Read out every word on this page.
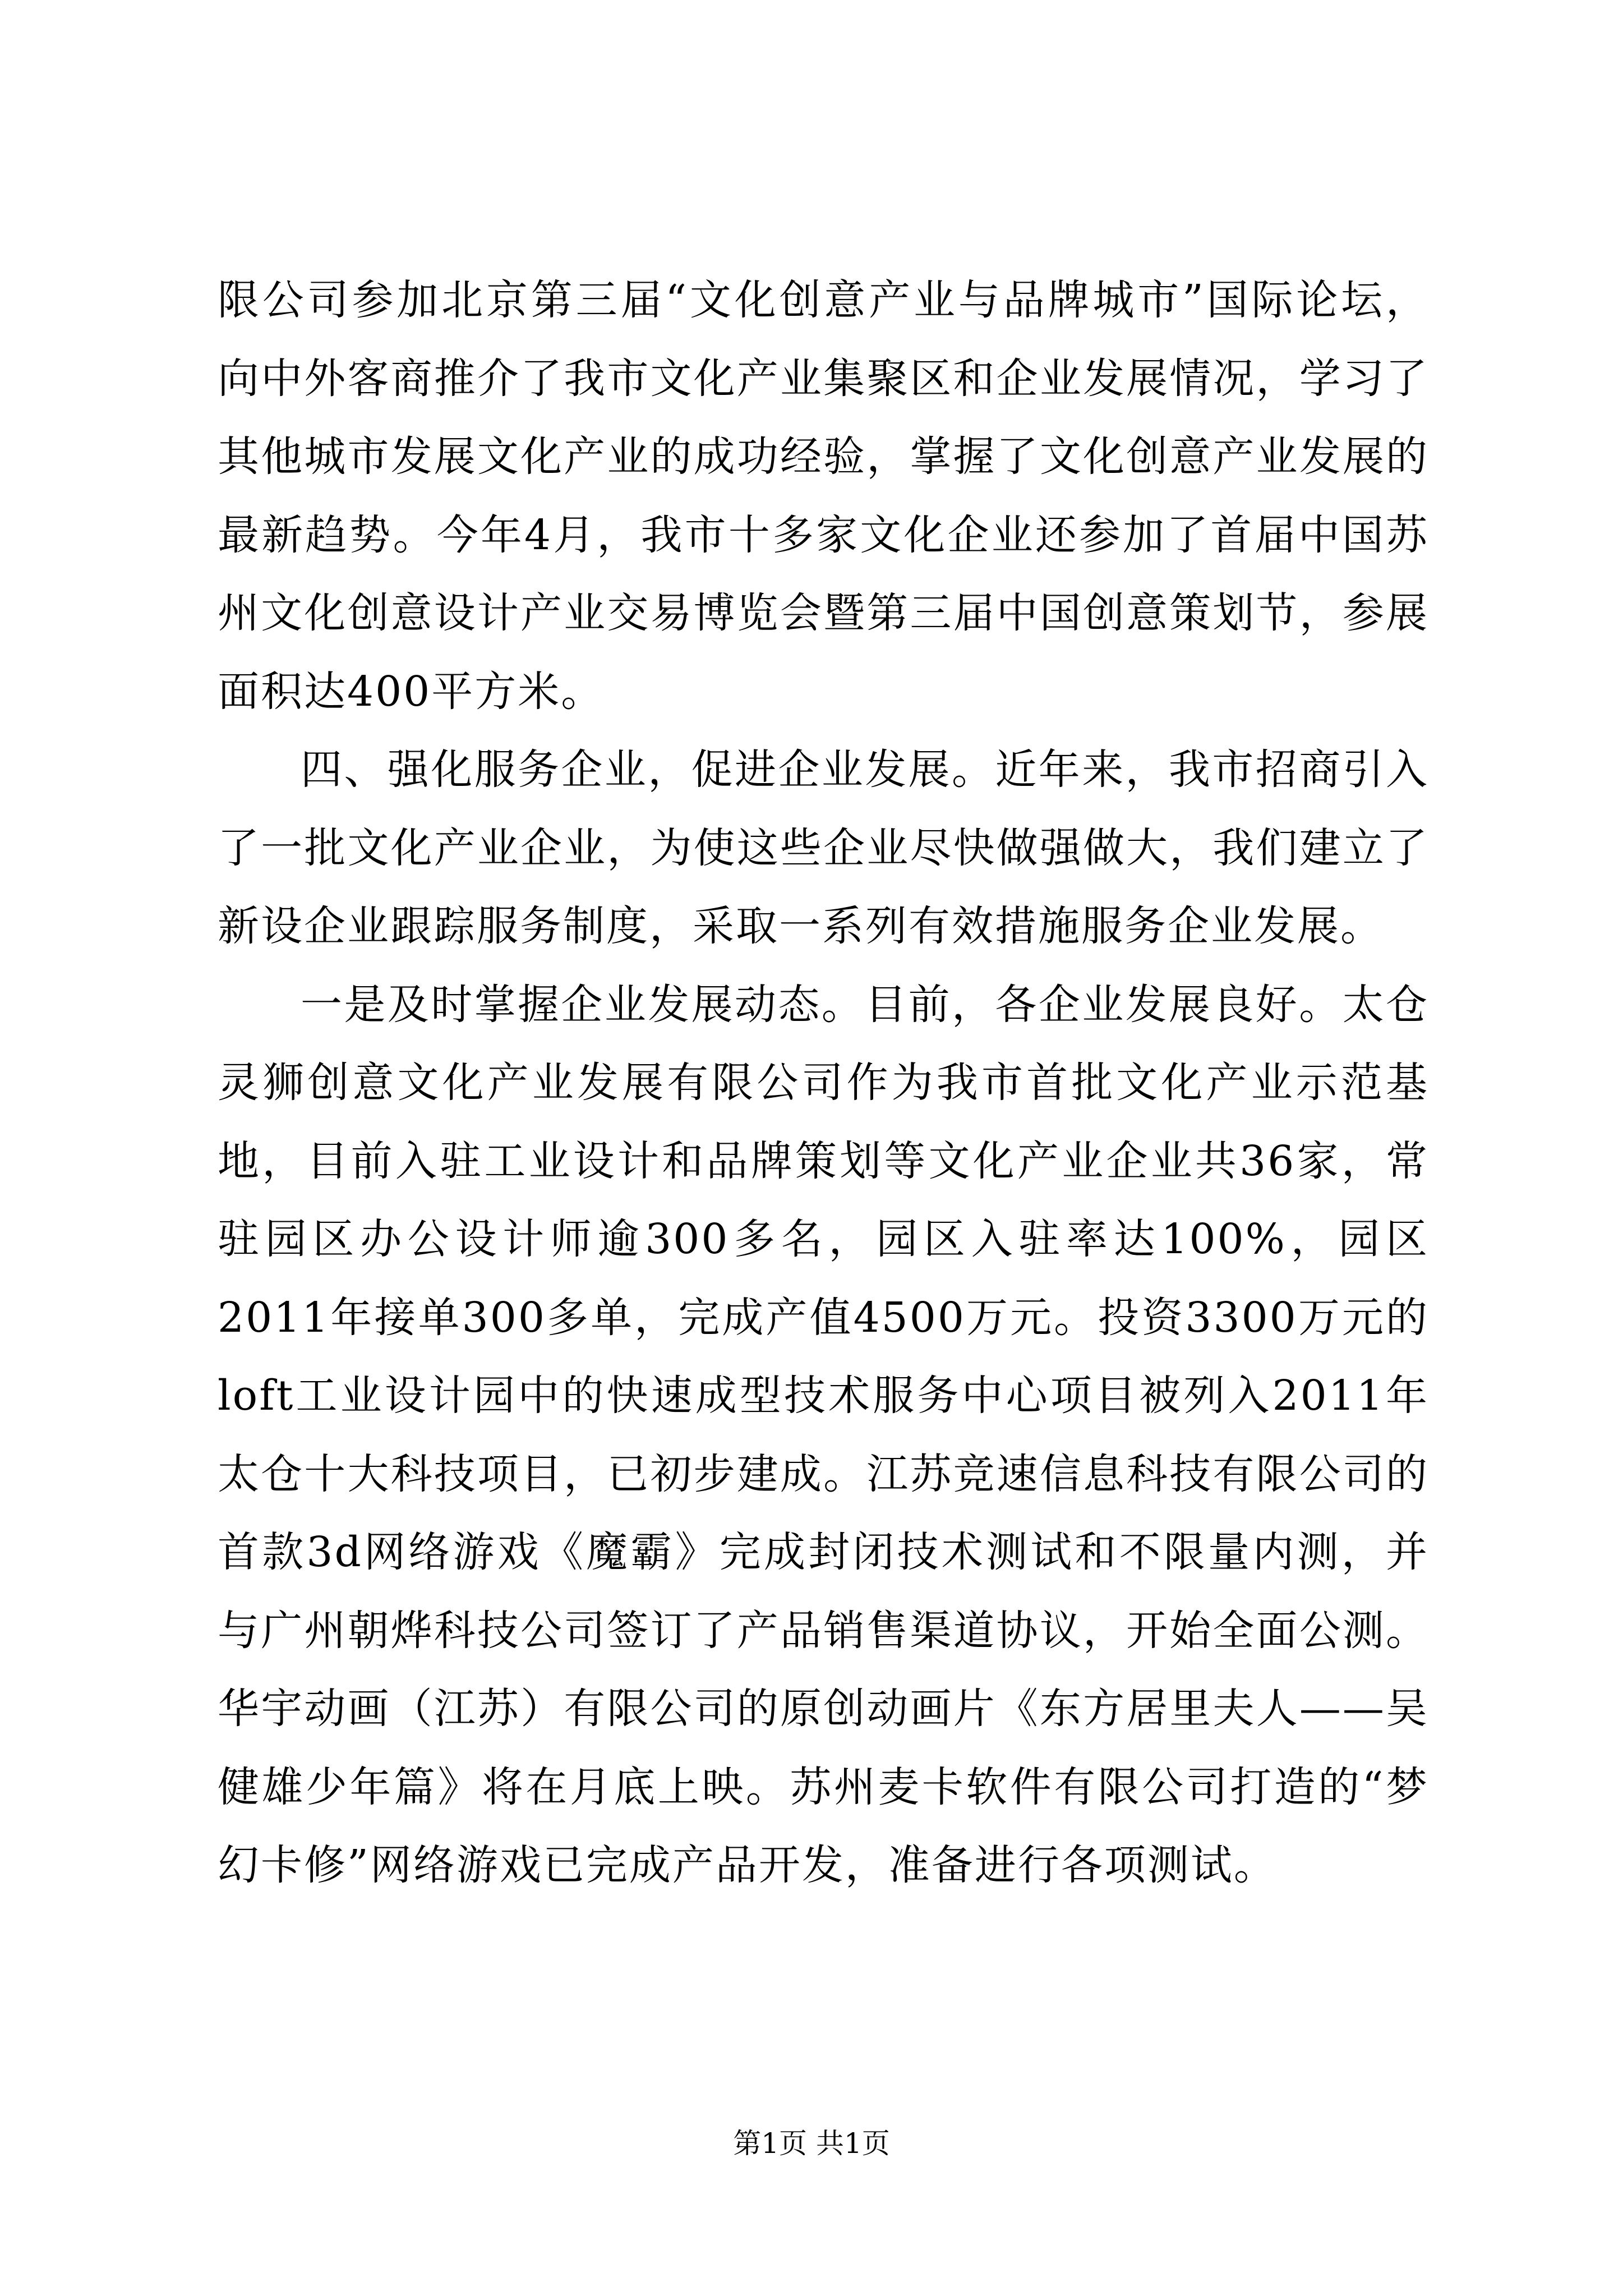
限公司参加北京第三届“文化创意产业与品牌城市”国际论坛，向中外客商推介了我市文化产业集聚区和企业发展情况，学习了其他城市发展文化产业的成功经验，掌握了文化创意产业发展的最新趋势。今年4月，我市十多家文化企业还参加了首届中国苏州文化创意设计产业交易博览会暨第三届中国创意策划节，参展面积达400平方米。

四、强化服务企业，促进企业发展。近年来，我市招商引入了一批文化产业企业，为使这些企业尽快做强做大，我们建立了新设企业跟踪服务制度，采取一系列有效措施服务企业发展。

一是及时掌握企业发展动态。目前，各企业发展良好。太仓灵狮创意文化产业发展有限公司作为我市首批文化产业示范基地，目前入驻工业设计和品牌策划等文化产业企业共36家，常驻园区办公设计师逾300多名，园区入驻率达100%，园区2011年接单300多单，完成产值4500万元。投资3300万元的loft工业设计园中的快速成型技术服务中心项目被列入2011年太仓十大科技项目，已初步建成。江苏竞速信息科技有限公司的首款3d网络游戏《魔霸》完成封闭技术测试和不限量内测，并与广州朝烨科技公司签订了产品销售渠道协议，开始全面公测。华宇动画（江苏）有限公司的原创动画片《东方居里夫人——吴健雄少年篇》将在月底上映。苏州麦卡软件有限公司打造的“梦幻卡修”网络游戏已完成产品开发，准备进行各项测试。

第1页 共1页
